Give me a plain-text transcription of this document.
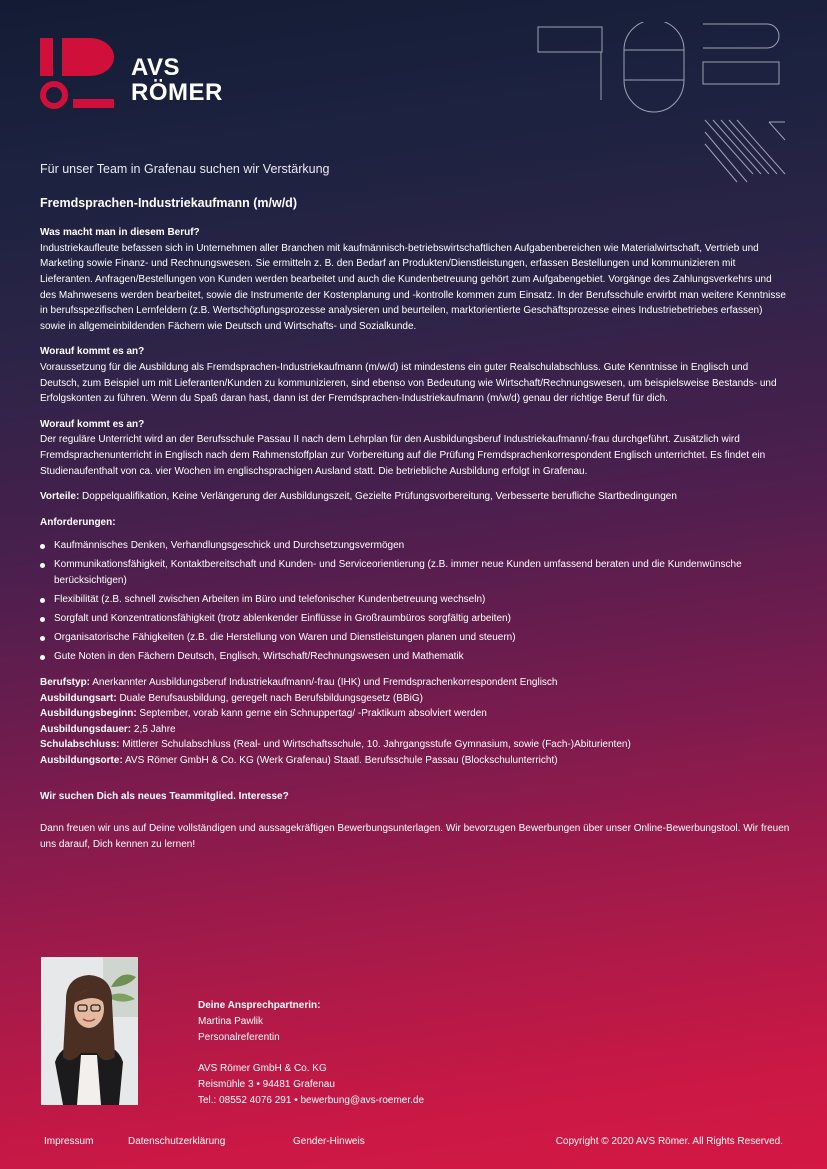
AVS
RÖMER
Für unser Team in Grafenau suchen wir Verstärkung
Fremdsprachen-Industriekaufmann (m/w/d)

Was macht man in diesem Beruf?
Industriekaufleute befassen sich in Unternehmen aller Branchen mit kaufmännisch-betriebswirtschaftlichen Aufgabenbereichen wie Materialwirtschaft, Vertrieb und Marketing sowie Finanz- und Rechnungswesen. Sie ermitteln z. B. den Bedarf an Produkten/Dienstleistungen, erfassen Bestellungen und kommunizieren mit Lieferanten. Anfragen/Bestellungen von Kunden werden bearbeitet und auch die Kundenbetreuung gehört zum Aufgabengebiet. Vorgänge des Zahlungsverkehrs und des Mahnwesens werden bearbeitet, sowie die Instrumente der Kostenplanung und -kontrolle kommen zum Einsatz. In der Berufsschule erwirbt man weitere Kenntnisse in berufsspezifischen Lernfeldern (z.B. Wertschöpfungsprozesse analysieren und beurteilen, marktorientierte Geschäftsprozesse eines Industriebetriebes erfassen) sowie in allgemeinbildenden Fächern wie Deutsch und Wirtschafts- und Sozialkunde.

Worauf kommt es an?
Voraussetzung für die Ausbildung als Fremdsprachen-Industriekaufmann (m/w/d) ist mindestens ein guter Realschulabschluss. Gute Kenntnisse in Englisch und Deutsch, zum Beispiel um mit Lieferanten/Kunden zu kommunizieren, sind ebenso von Bedeutung wie Wirtschaft/Rechnungswesen, um beispielsweise Bestands- und Erfolgskonten zu führen. Wenn du Spaß daran hast, dann ist der Fremdsprachen-Industriekaufmann (m/w/d) genau der richtige Beruf für dich.

Worauf kommt es an?
Der reguläre Unterricht wird an der Berufsschule Passau II nach dem Lehrplan für den Ausbildungsberuf Industriekaufmann/-frau durchgeführt. Zusätzlich wird Fremdsprachenunterricht in Englisch nach dem Rahmenstoffplan zur Vorbereitung auf die Prüfung Fremdsprachenkorrespondent Englisch unterrichtet. Es findet ein Studienaufenthalt von ca. vier Wochen im englischsprachigen Ausland statt. Die betriebliche Ausbildung erfolgt in Grafenau.

Vorteile: Doppelqualifikation, Keine Verlängerung der Ausbildungszeit, Gezielte Prüfungsvorbereitung, Verbesserte berufliche Startbedingungen

Anforderungen:
Kaufmännisches Denken, Verhandlungsgeschick und Durchsetzungsvermögen
Kommunikationsfähigkeit, Kontaktbereitschaft und Kunden- und Serviceorientierung (z.B. immer neue Kunden umfassend beraten und die Kundenwünsche berücksichtigen)
Flexibilität (z.B. schnell zwischen Arbeiten im Büro und telefonischer Kundenbetreuung wechseln)
Sorgfalt und Konzentrationsfähigkeit (trotz ablenkender Einflüsse in Großraumbüros sorgfältig arbeiten)
Organisatorische Fähigkeiten (z.B. die Herstellung von Waren und Dienstleistungen planen und steuern)
Gute Noten in den Fächern Deutsch, Englisch, Wirtschaft/Rechnungswesen und Mathematik
Berufstyp: Anerkannter Ausbildungsberuf Industriekaufmann/-frau (IHK) und Fremdsprachenkorrespondent Englisch
Ausbildungsart: Duale Berufsausbildung, geregelt nach Berufsbildungsgesetz (BBiG)
Ausbildungsbeginn: September, vorab kann gerne ein Schnuppertag/ -Praktikum absolviert werden
Ausbildungsdauer: 2,5 Jahre
Schulabschluss: Mittlerer Schulabschluss (Real- und Wirtschaftsschule, 10. Jahrgangsstufe Gymnasium, sowie (Fach-)Abiturienten)
Ausbildungsorte: AVS Römer GmbH & Co. KG (Werk Grafenau) Staatl. Berufsschule Passau (Blockschulunterricht)

Wir suchen Dich als neues Teammitglied. Interesse?

Dann freuen wir uns auf Deine vollständigen und aussagekräftigen Bewerbungsunterlagen. Wir bevorzugen Bewerbungen über unser Online-Bewerbungstool. Wir freuen uns darauf, Dich kennen zu lernen!

Deine Ansprechpartnerin:
Martina Pawlik
Personalreferentin
AVS Römer GmbH & Co. KG
Reismühle 3 • 94481 Grafenau
Tel.: 08552 4076 291 • bewerbung@avs-roemer.de
Impressum	Datenschutzerklärung	Gender-Hinweis	Copyright © 2020 AVS Römer. All Rights Reserved.
